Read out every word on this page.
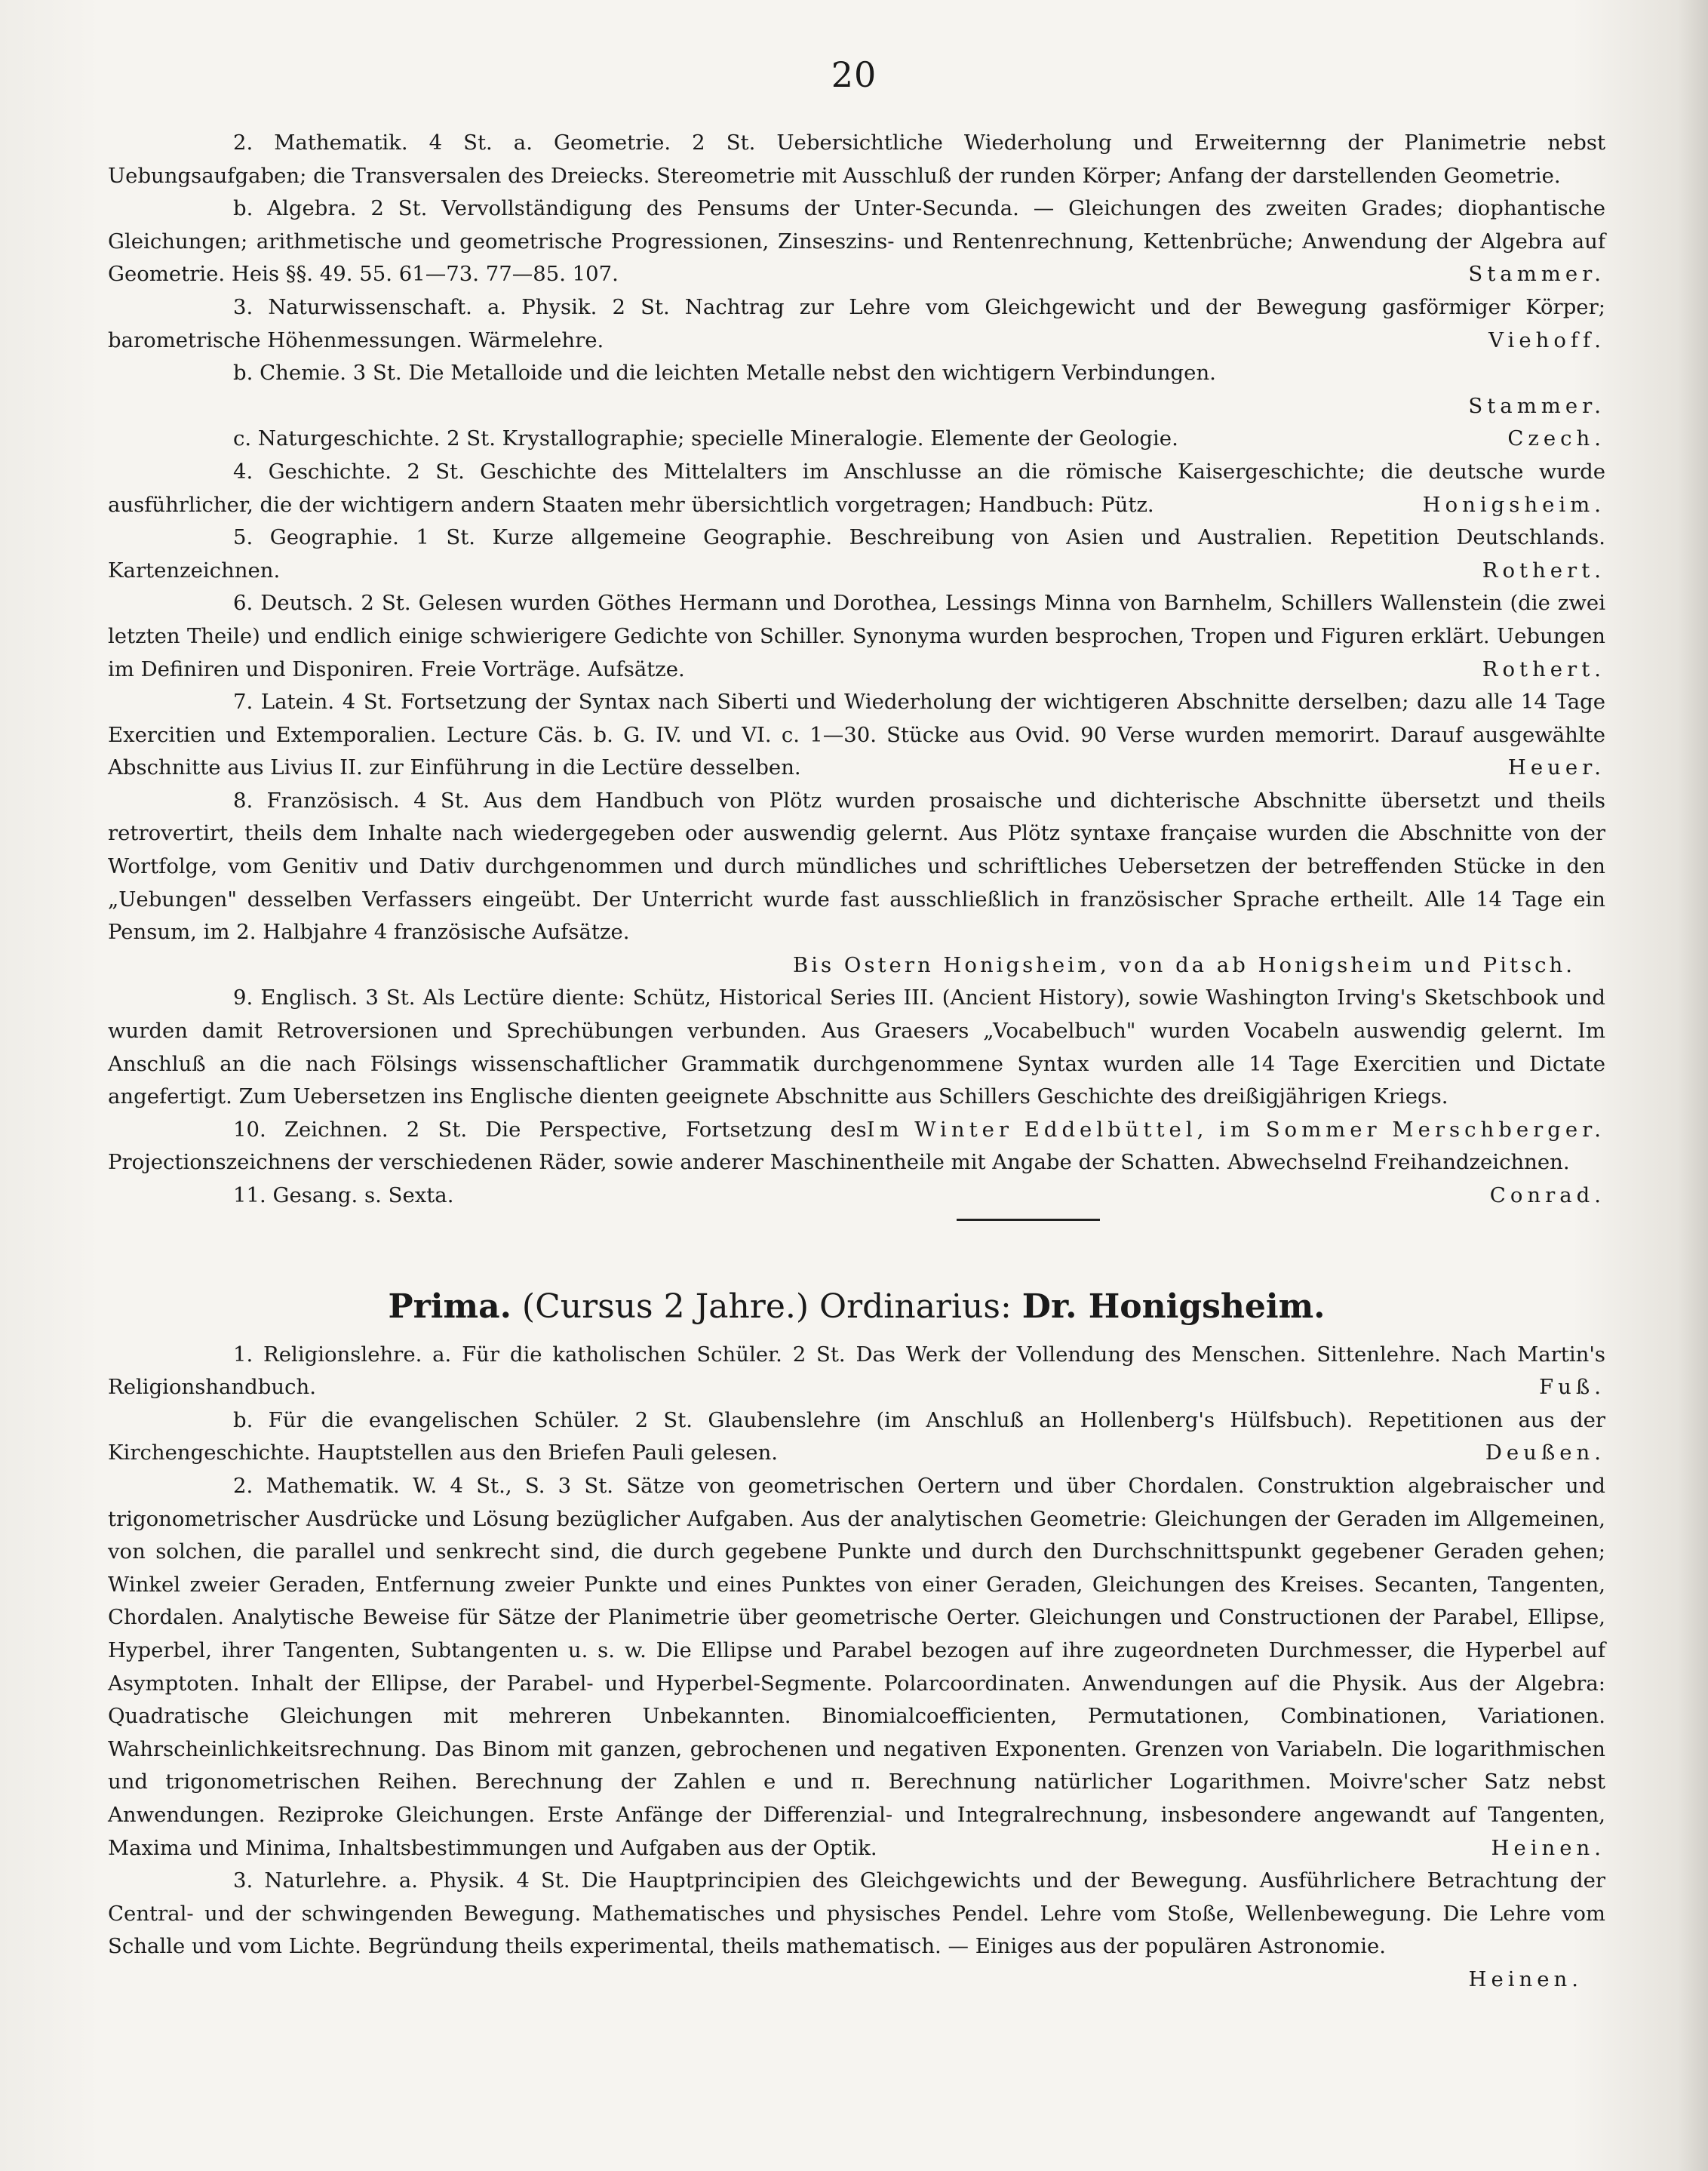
20

2. Mathematik. 4 St. a. Geometrie. 2 St. Uebersichtliche Wiederholung und Erweiternng der Planimetrie nebst Uebungsaufgaben; die Transversalen des Dreiecks. Stereometrie mit Ausschluß der runden Körper; Anfang der darstellenden Geometrie.

b. Algebra. 2 St. Vervollständigung des Pensums der Unter-Secunda. — Gleichungen des zweiten Grades; diophantische Gleichungen; arithmetische und geometrische Progressionen, Zinseszins- und Rentenrechnung, Kettenbrüche; Anwendung der Algebra auf Geometrie. Heis §§. 49. 55. 61—73. 77—85. 107.	Stammer.

3. Naturwissenschaft. a. Physik. 2 St. Nachtrag zur Lehre vom Gleichgewicht und der Bewegung gasförmiger Körper; barometrische Höhenmessungen. Wärmelehre.	Viehoff.

b. Chemie. 3 St. Die Metalloide und die leichten Metalle nebst den wichtigern Verbindungen.

Stammer.

c. Naturgeschichte. 2 St. Krystallographie; specielle Mineralogie. Elemente der Geologie.	Czech.

4. Geschichte. 2 St. Geschichte des Mittelalters im Anschlusse an die römische Kaisergeschichte; die deutsche wurde ausführlicher, die der wichtigern andern Staaten mehr übersichtlich vorgetragen; Handbuch: Pütz.	Honigsheim.

5. Geographie. 1 St. Kurze allgemeine Geographie. Beschreibung von Asien und Australien. Repetition Deutschlands. Kartenzeichnen.	Rothert.

6. Deutsch. 2 St. Gelesen wurden Göthes Hermann und Dorothea, Lessings Minna von Barnhelm, Schillers Wallenstein (die zwei letzten Theile) und endlich einige schwierigere Gedichte von Schiller. Synonyma wurden besprochen, Tropen und Figuren erklärt. Uebungen im Definiren und Disponiren. Freie Vorträge. Aufsätze.	Rothert.

7. Latein. 4 St. Fortsetzung der Syntax nach Siberti und Wiederholung der wichtigeren Abschnitte derselben; dazu alle 14 Tage Exercitien und Extemporalien. Lecture Cäs. b. G. IV. und VI. c. 1—30. Stücke aus Ovid. 90 Verse wurden memorirt. Darauf ausgewählte Abschnitte aus Livius II. zur Einführung in die Lectüre desselben.	Heuer.

8. Französisch. 4 St. Aus dem Handbuch von Plötz wurden prosaische und dichterische Abschnitte übersetzt und theils retrovertirt, theils dem Inhalte nach wiedergegeben oder auswendig gelernt. Aus Plötz syntaxe française wurden die Abschnitte von der Wortfolge, vom Genitiv und Dativ durchgenommen und durch mündliches und schriftliches Uebersetzen der betreffenden Stücke in den „Uebungen" desselben Verfassers eingeübt. Der Unterricht wurde fast ausschließlich in französischer Sprache ertheilt. Alle 14 Tage ein Pensum, im 2. Halbjahre 4 französische Aufsätze.

Bis Ostern Honigsheim, von da ab Honigsheim und Pitsch.

9. Englisch. 3 St. Als Lectüre diente: Schütz, Historical Series III. (Ancient History), sowie Washington Irving's Sketschbook und wurden damit Retroversionen und Sprechübungen verbunden. Aus Graesers „Vocabelbuch" wurden Vocabeln auswendig gelernt. Im Anschluß an die nach Fölsings wissenschaftlicher Grammatik durchgenommene Syntax wurden alle 14 Tage Exercitien und Dictate angefertigt. Zum Uebersetzen ins Englische dienten geeignete Abschnitte aus Schillers Geschichte des dreißigjährigen Kriegs.
Im Winter Eddelbüttel, im Sommer Merschberger.

10. Zeichnen. 2 St. Die Perspective, Fortsetzung des Projectionszeichnens der verschiedenen Räder, sowie anderer Maschinentheile mit Angabe der Schatten. Abwechselnd Freihandzeichnen.
Conrad.

11. Gesang. s. Sexta.

Prima. (Cursus 2 Jahre.) Ordinarius: Dr. Honigsheim.

1. Religionslehre. a. Für die katholischen Schüler. 2 St. Das Werk der Vollendung des Menschen. Sittenlehre. Nach Martin's Religionshandbuch.	Fuß.

b. Für die evangelischen Schüler. 2 St. Glaubenslehre (im Anschluß an Hollenberg's Hülfsbuch). Repetitionen aus der Kirchengeschichte. Hauptstellen aus den Briefen Pauli gelesen.	Deußen.

2. Mathematik. W. 4 St., S. 3 St. Sätze von geometrischen Oertern und über Chordalen. Construktion algebraischer und trigonometrischer Ausdrücke und Lösung bezüglicher Aufgaben. Aus der analytischen Geometrie: Gleichungen der Geraden im Allgemeinen, von solchen, die parallel und senkrecht sind, die durch gegebene Punkte und durch den Durchschnittspunkt gegebener Geraden gehen; Winkel zweier Geraden, Entfernung zweier Punkte und eines Punktes von einer Geraden, Gleichungen des Kreises. Secanten, Tangenten, Chordalen. Analytische Beweise für Sätze der Planimetrie über geometrische Oerter. Gleichungen und Constructionen der Parabel, Ellipse, Hyperbel, ihrer Tangenten, Subtangenten u. s. w. Die Ellipse und Parabel bezogen auf ihre zugeordneten Durchmesser, die Hyperbel auf Asymptoten. Inhalt der Ellipse, der Parabel- und Hyperbel-Segmente. Polarcoordinaten. Anwendungen auf die Physik. Aus der Algebra: Quadratische Gleichungen mit mehreren Unbekannten. Binomialcoefficienten, Permutationen, Combinationen, Variationen. Wahrscheinlichkeitsrechnung. Das Binom mit ganzen, gebrochenen und negativen Exponenten. Grenzen von Variabeln. Die logarithmischen und trigonometrischen Reihen. Berechnung der Zahlen e und π. Berechnung natürlicher Logarithmen. Moivre'scher Satz nebst Anwendungen. Reziproke Gleichungen. Erste Anfänge der Differenzial- und Integralrechnung, insbesondere angewandt auf Tangenten, Maxima und Minima, Inhaltsbestimmungen und Aufgaben aus der Optik.	Heinen.

3. Naturlehre. a. Physik. 4 St. Die Hauptprincipien des Gleichgewichts und der Bewegung. Ausführlichere Betrachtung der Central- und der schwingenden Bewegung. Mathematisches und physisches Pendel. Lehre vom Stoße, Wellenbewegung. Die Lehre vom Schalle und vom Lichte. Begründung theils experimental, theils mathematisch. — Einiges aus der populären Astronomie.

Heinen.
